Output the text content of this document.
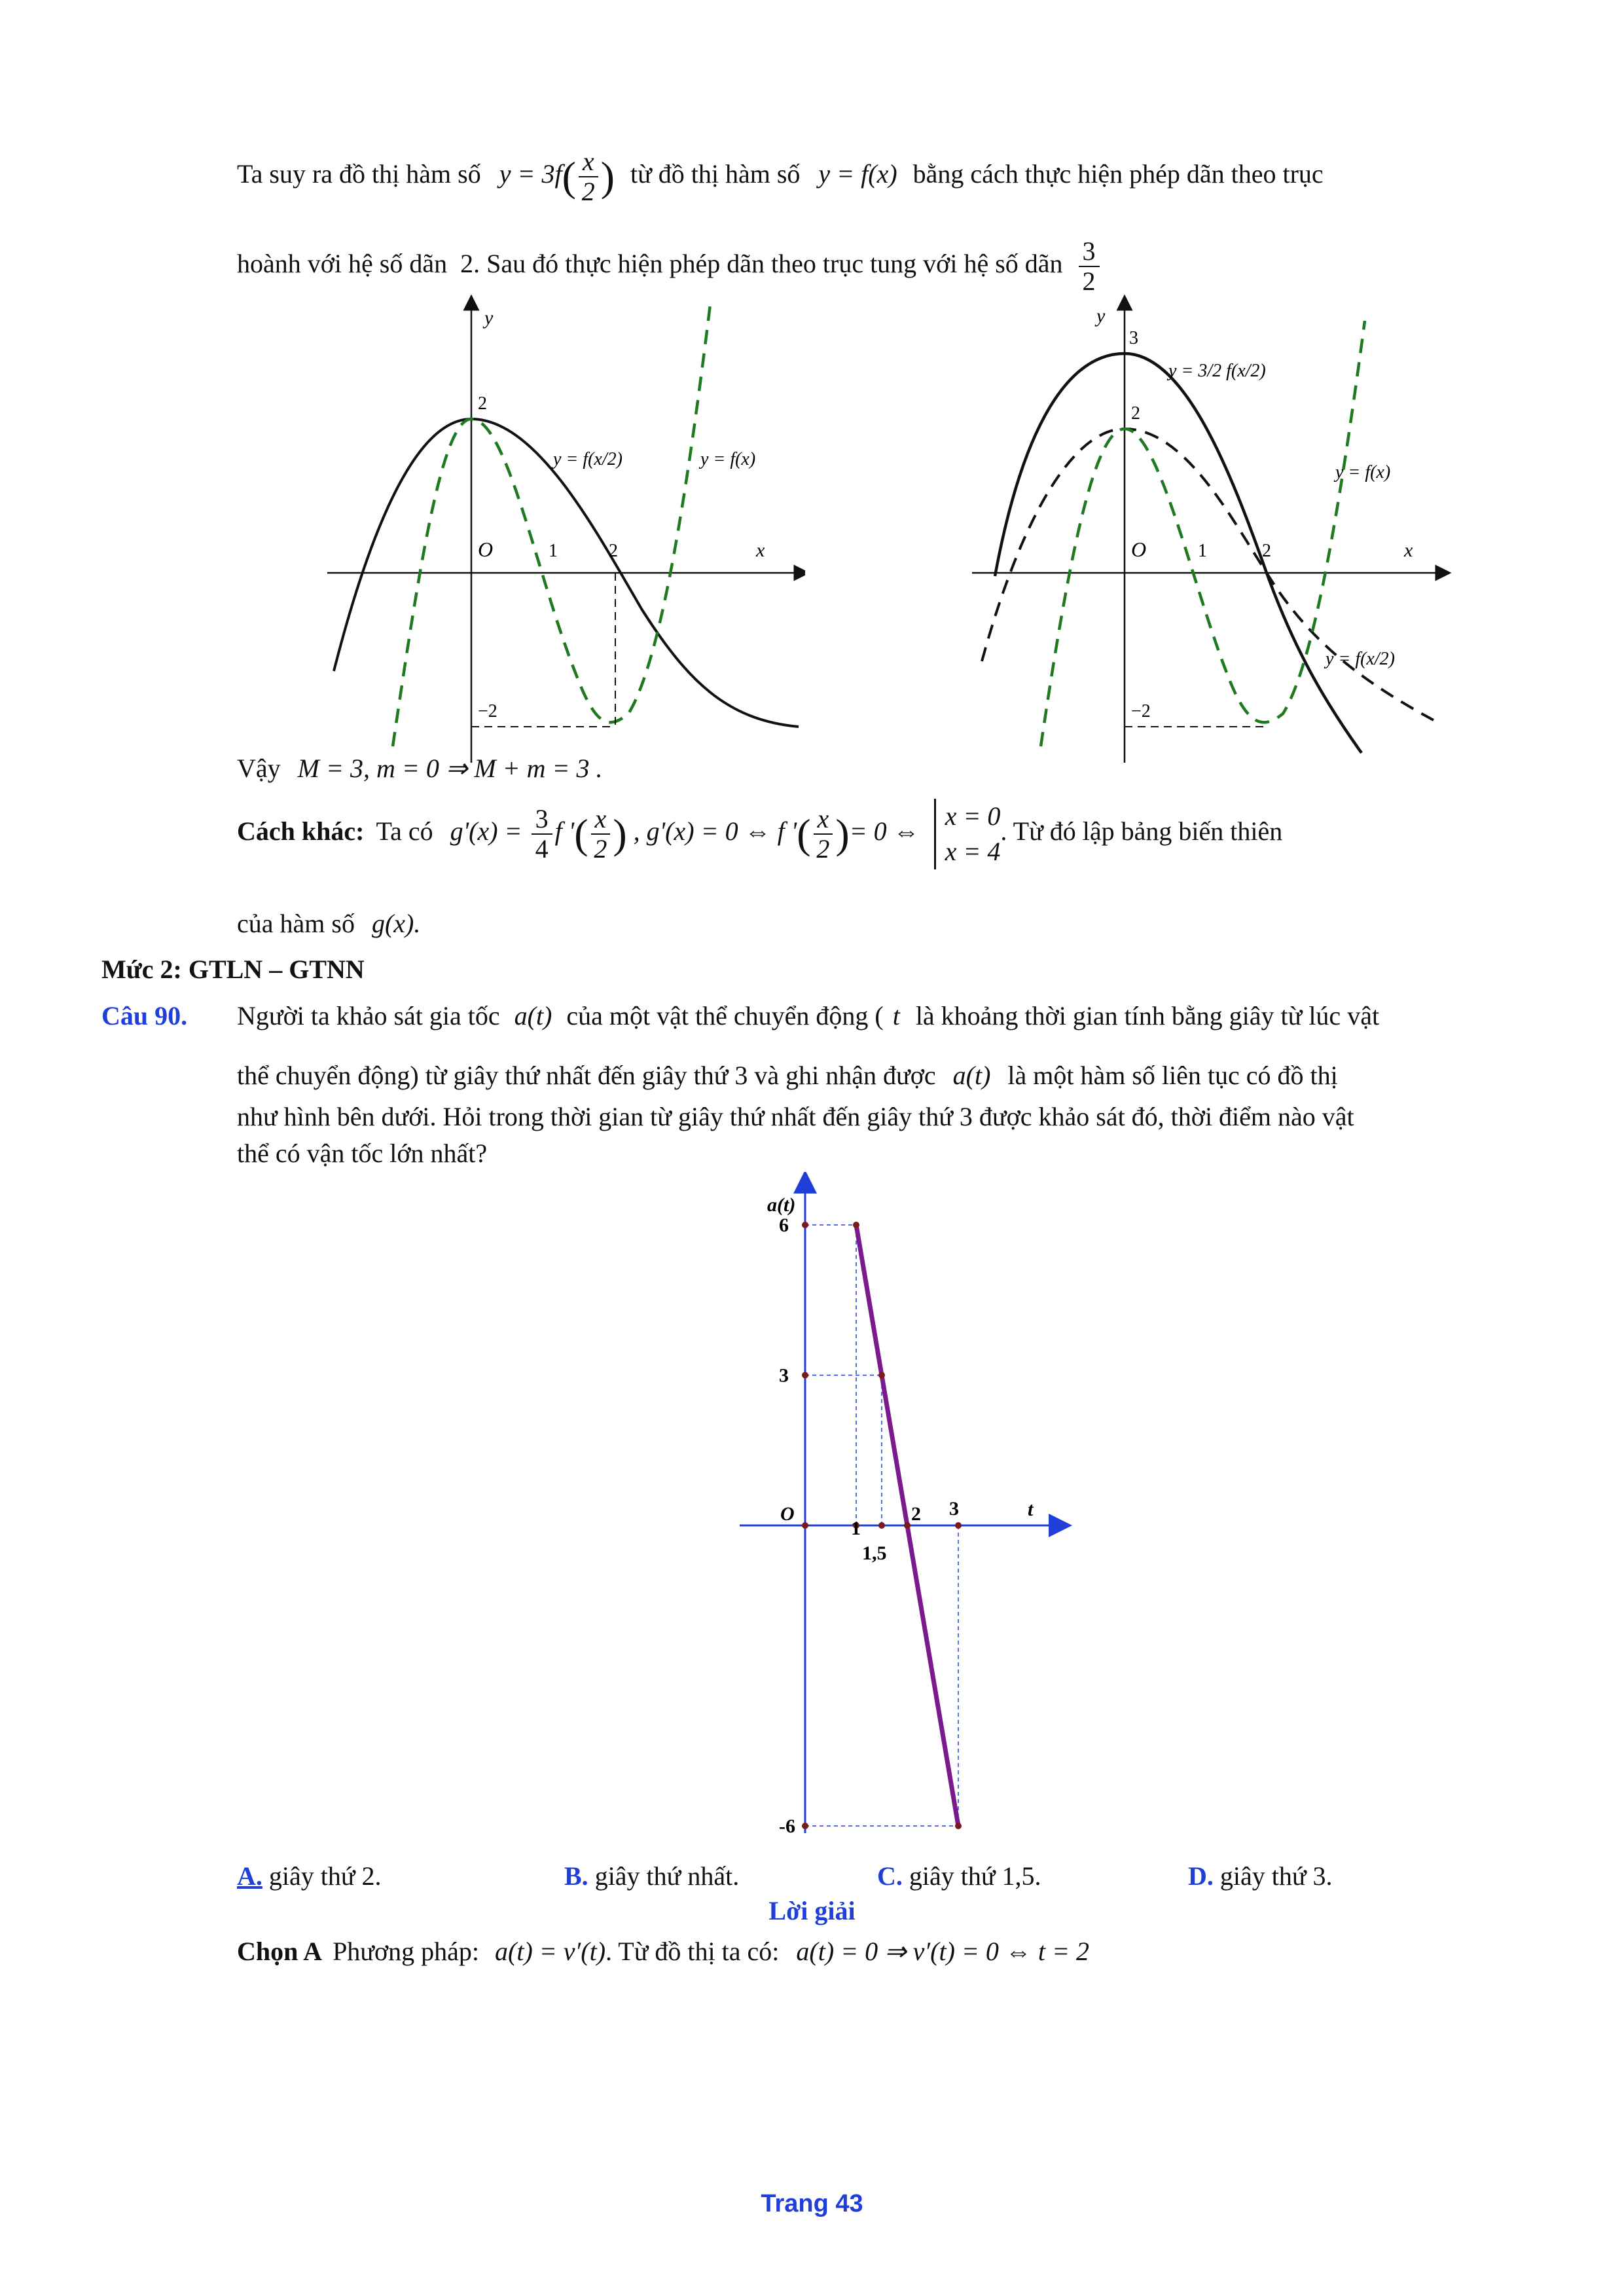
Ta suy ra đồ thị hàm số $y = 3f( \frac{x}{2}$ ) từ đồ thị hàm số y = f(x) bằng cách thực hiện phép dãn theo trục
hoành với hệ số dãn 2. Sau đó thực hiện phép dãn theo trục tung với hệ số dãn $\frac{3}{2}$
y
x
O	1	2
2
−2
y = f(x/2)	y = f(x)
y
x
O	1	2
3
2
−2
y = 3/2 f(x/2)
y = f(x)
y = f(x/2)
Vậy M = 3, m = 0 ⇒ M + m = 3 .
Cách khác: Ta có $g'(x) = \frac{3}{4}$ f '( $\frac{x}{2}$ ) , g'(x) = 0 ⇔ f '( $\frac{x}{2}$ )= 0 ⇔
x = 0
x = 4
. Từ đó lập bảng biến thiên
của hàm số g(x).
Mức 2: GTLN – GTNN
Câu 90. Người ta khảo sát gia tốc a(t) của một vật thể chuyển động ( t là khoảng thời gian tính bằng giây từ lúc vật
thể chuyển động) từ giây thứ nhất đến giây thứ 3 và ghi nhận được a(t) là một hàm số liên tục có đồ thị
như hình bên dưới. Hỏi trong thời gian từ giây thứ nhất đến giây thứ 3 được khảo sát đó, thời điểm nào vật
thể có vận tốc lớn nhất?
a(t)
t
O
1
1,5
2 3
6
3
-6
A. giây thứ 2.	B. giây thứ nhất.	C. giây thứ 1,5.	D. giây thứ 3.
Lời giải
Chọn A Phương pháp: a(t) = v′(t). Từ đồ thị ta có: a(t) = 0 ⇒ v′(t) = 0 ⇔ t = 2
Trang 43
